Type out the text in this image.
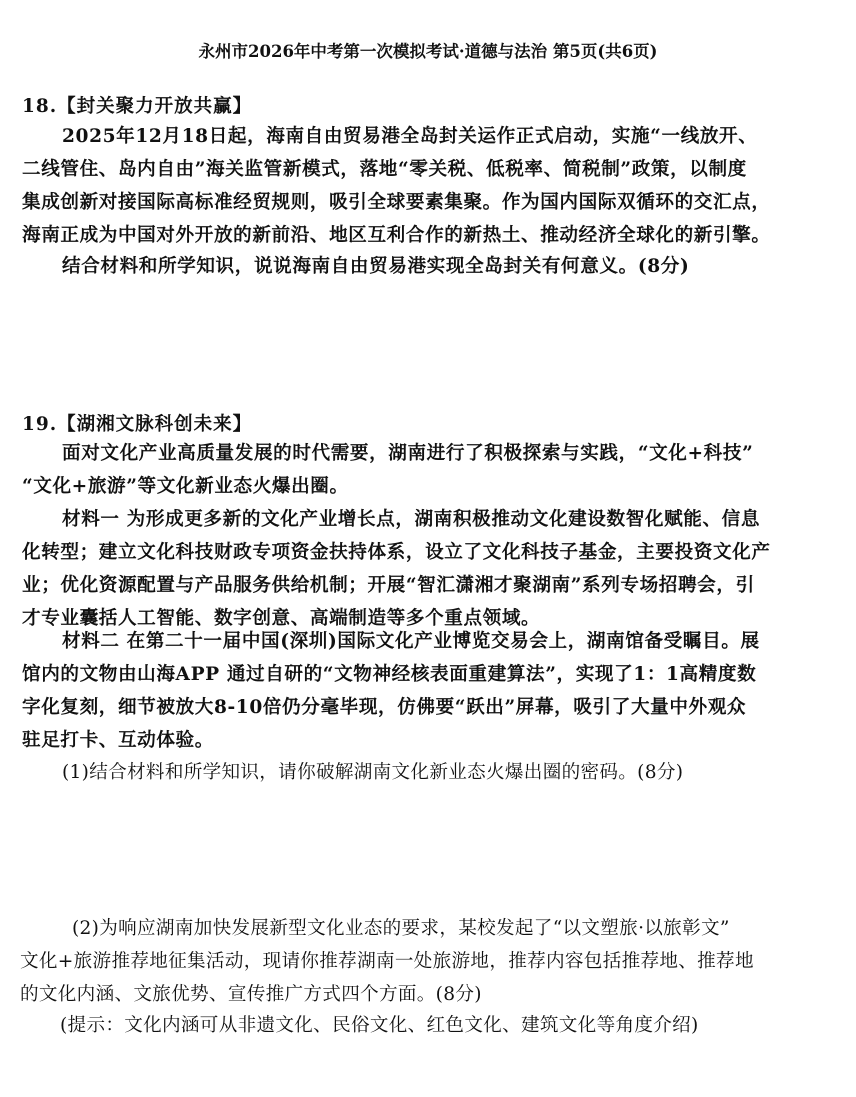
永州市2026年中考第一次模拟考试·道德与法治 第5页(共6页)
18.【封关聚力开放共赢】
2025年12月18日起，海南自由贸易港全岛封关运作正式启动，实施“一线放开、
二线管住、岛内自由”海关监管新模式，落地“零关税、低税率、简税制”政策，以制度
集成创新对接国际高标准经贸规则，吸引全球要素集聚。作为国内国际双循环的交汇点，
海南正成为中国对外开放的新前沿、地区互利合作的新热土、推动经济全球化的新引擎。
结合材料和所学知识，说说海南自由贸易港实现全岛封关有何意义。(8分)
19.【湖湘文脉科创未来】
面对文化产业高质量发展的时代需要，湖南进行了积极探索与实践，“文化+科技”
“文化+旅游”等文化新业态火爆出圈。
材料一 为形成更多新的文化产业增长点，湖南积极推动文化建设数智化赋能、信息
化转型；建立文化科技财政专项资金扶持体系，设立了文化科技子基金，主要投资文化产
业；优化资源配置与产品服务供给机制；开展“智汇潇湘才聚湖南”系列专场招聘会，引
才专业囊括人工智能、数字创意、高端制造等多个重点领域。
材料二 在第二十一届中国(深圳)国际文化产业博览交易会上，湖南馆备受瞩目。展
馆内的文物由山海APP 通过自研的“文物神经核表面重建算法”，实现了1：1高精度数
字化复刻，细节被放大8-10倍仍分毫毕现，仿佛要“跃出”屏幕，吸引了大量中外观众
驻足打卡、互动体验。
(1)结合材料和所学知识，请你破解湖南文化新业态火爆出圈的密码。(8分)
(2)为响应湖南加快发展新型文化业态的要求，某校发起了“以文塑旅·以旅彰文”
文化+旅游推荐地征集活动，现请你推荐湖南一处旅游地，推荐内容包括推荐地、推荐地
的文化内涵、文旅优势、宣传推广方式四个方面。(8分)
(提示：文化内涵可从非遗文化、民俗文化、红色文化、建筑文化等角度介绍)
